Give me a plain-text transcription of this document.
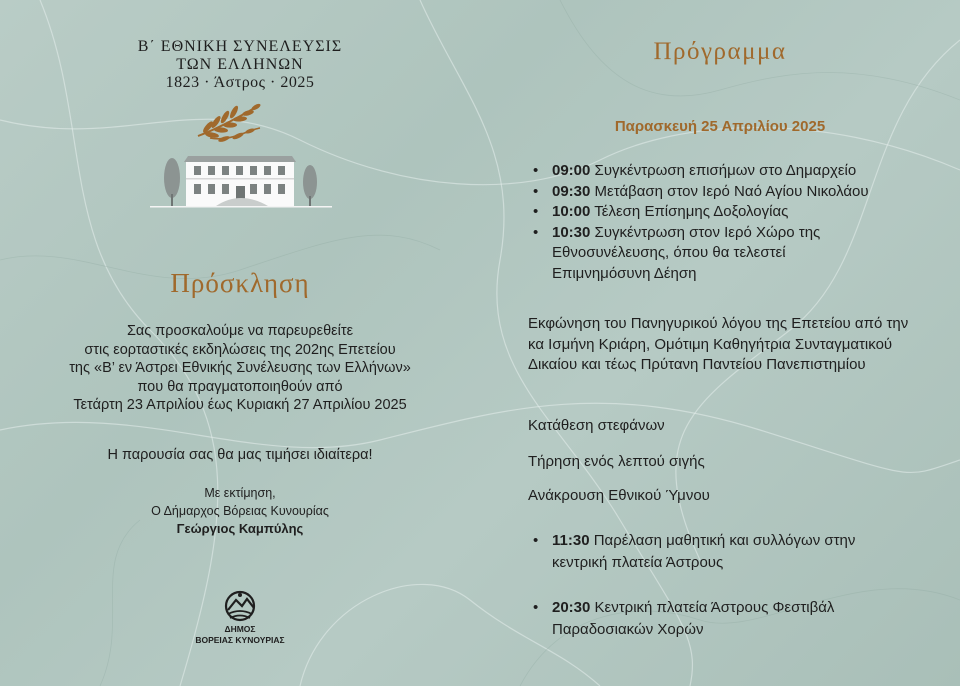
Β΄ ΕΘΝΙΚΗ ΣΥΝΕΛΕΥΣΙΣ
ΤΩΝ ΕΛΛΗΝΩΝ
1823 · Άστρος · 2025
Πρόσκληση
Σας προσκαλούμε να παρευρεθείτε
στις εορταστικές εκδηλώσεις της 202ης Επετείου
της «Β’ εν Άστρει Εθνικής Συνέλευσης των Ελλήνων»
που θα πραγματοποιηθούν από
Τετάρτη 23 Απριλίου έως Κυριακή 27 Απριλίου 2025
Η παρουσία σας θα μας τιμήσει ιδιαίτερα!
Με εκτίμηση,
Ο Δήμαρχος Βόρειας Κυνουρίας
Γεώργιος Καμπύλης
ΔΗΜΟΣ
ΒΟΡΕΙΑΣ ΚΥΝΟΥΡΙΑΣ
Πρόγραμμα
Παρασκευή 25 Απριλίου 2025
• 09:00 Συγκέντρωση επισήμων στο Δημαρχείο
• 09:30 Μετάβαση στον Ιερό Ναό Αγίου Νικολάου
• 10:00 Τέλεση Επίσημης Δοξολογίας
• 10:30 Συγκέντρωση στον Ιερό Χώρο της Εθνοσυνέλευσης, όπου θα τελεστεί Επιμνημόσυνη Δέηση
Εκφώνηση του Πανηγυρικού λόγου της Επετείου από την κα Ισμήνη Κριάρη, Ομότιμη Καθηγήτρια Συνταγματικού Δικαίου και τέως Πρύτανη Παντείου Πανεπιστημίου
Κατάθεση στεφάνων
Τήρηση ενός λεπτού σιγής
Ανάκρουση Εθνικού Ύμνου
• 11:30 Παρέλαση μαθητική και συλλόγων στην κεντρική πλατεία Άστρους
• 20:30 Κεντρική πλατεία Άστρους Φεστιβάλ Παραδοσιακών Χορών
